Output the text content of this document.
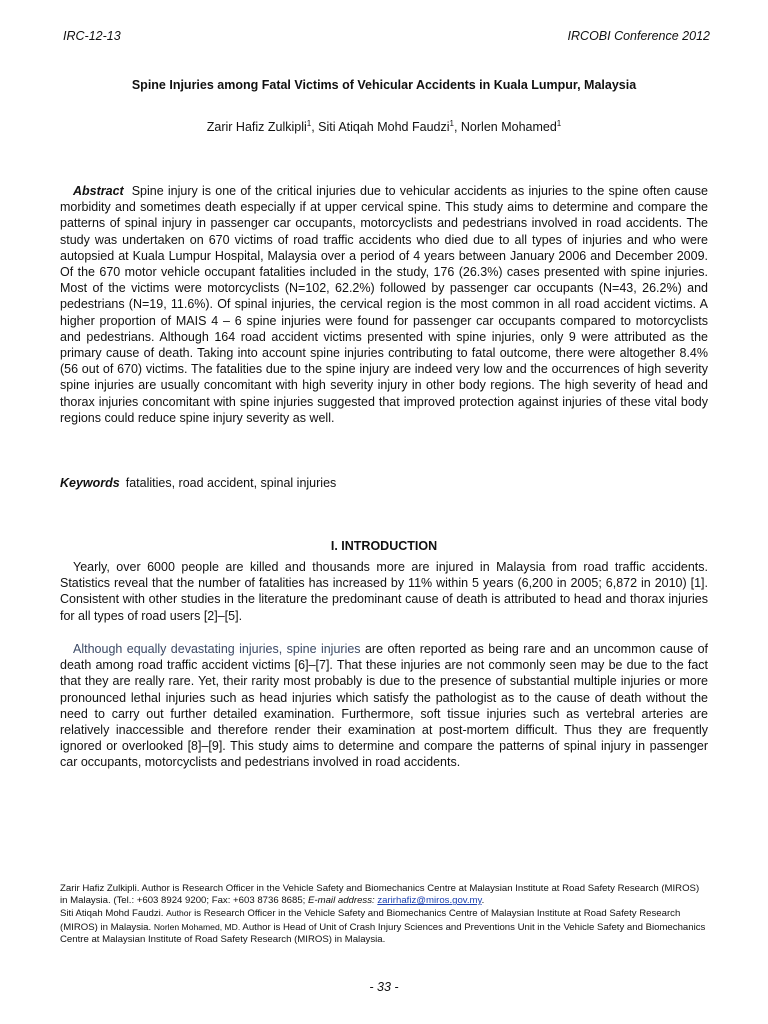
IRC-12-13	IRCOBI Conference 2012
Spine Injuries among Fatal Victims of Vehicular Accidents in Kuala Lumpur, Malaysia
Zarir Hafiz Zulkipli$^1$, Siti Atiqah Mohd Faudzi$^1$, Norlen Mohamed$^1$

Abstract Spine injury is one of the critical injuries due to vehicular accidents as injuries to the spine often cause morbidity and sometimes death especially if at upper cervical spine. This study aims to determine and compare the patterns of spinal injury in passenger car occupants, motorcyclists and pedestrians involved in road accidents. The study was undertaken on 670 victims of road traffic accidents who died due to all types of injuries and who were autopsied at Kuala Lumpur Hospital, Malaysia over a period of 4 years between January 2006 and December 2009. Of the 670 motor vehicle occupant fatalities included in the study, 176 (26.3%) cases presented with spine injuries. Most of the victims were motorcyclists (N=102, 62.2%) followed by passenger car occupants (N=43, 26.2%) and pedestrians (N=19, 11.6%). Of spinal injuries, the cervical region is the most common in all road accident victims. A higher proportion of MAIS 4 – 6 spine injuries were found for passenger car occupants compared to motorcyclists and pedestrians. Although 164 road accident victims presented with spine injuries, only 9 were attributed as the primary cause of death. Taking into account spine injuries contributing to fatal outcome, there were altogether 8.4% (56 out of 670) victims. The fatalities due to the spine injury are indeed very low and the occurrences of high severity spine injuries are usually concomitant with high severity injury in other body regions. The high severity of head and thorax injuries concomitant with spine injuries suggested that improved protection against injuries of these vital body regions could reduce spine injury severity as well.

Keywords fatalities, road accident, spinal injuries

I. INTRODUCTION

Yearly, over 6000 people are killed and thousands more are injured in Malaysia from road traffic accidents. Statistics reveal that the number of fatalities has increased by 11% within 5 years (6,200 in 2005; 6,872 in 2010) [1]. Consistent with other studies in the literature the predominant cause of death is attributed to head and thorax injuries for all types of road users [2]–[5].

Although equally devastating injuries, spine injuries are often reported as being rare and an uncommon cause of death among road traffic accident victims [6]–[7]. That these injuries are not commonly seen may be due to the fact that they are really rare. Yet, their rarity most probably is due to the presence of substantial multiple injuries or more pronounced lethal injuries such as head injuries which satisfy the pathologist as to the cause of death without the need to carry out further detailed examination. Furthermore, soft tissue injuries such as vertebral arteries are relatively inaccessible and therefore render their examination at post-mortem difficult. Thus they are frequently ignored or overlooked [8]–[9]. This study aims to determine and compare the patterns of spinal injury in passenger car occupants, motorcyclists and pedestrians involved in road accidents.

Zarir Hafiz Zulkipli. Author is Research Officer in the Vehicle Safety and Biomechanics Centre at Malaysian Institute at Road Safety Research (MIROS) in Malaysia. (Tel.: +603 8924 9200; Fax: +603 8736 8685; E-mail address: zarirhafiz@miros.gov.my.

Siti Atiqah Mohd Faudzi. Author is Research Officer in the Vehicle Safety and Biomechanics Centre of Malaysian Institute at Road Safety Research (MIROS) in Malaysia. Norlen Mohamed, MD. Author is Head of Unit of Crash Injury Sciences and Preventions Unit in the Vehicle Safety and Biomechanics Centre at Malaysian Institute of Road Safety Research (MIROS) in Malaysia.

- 33 -
